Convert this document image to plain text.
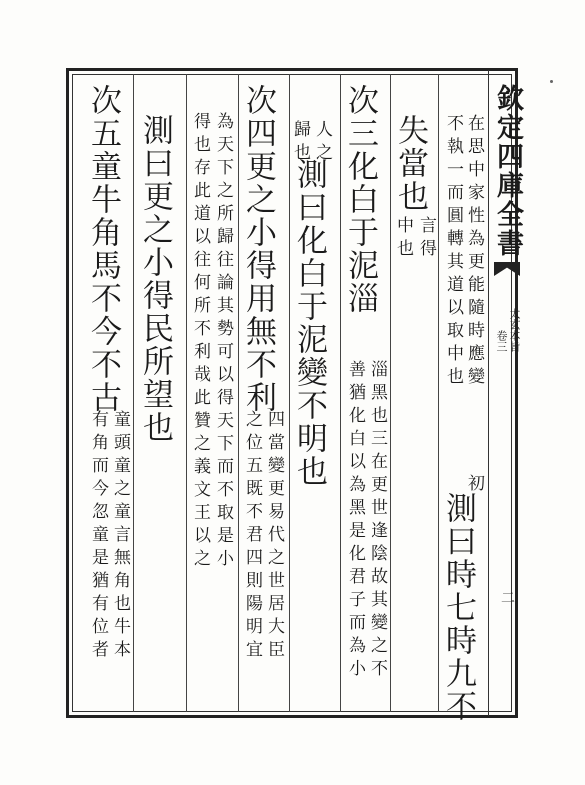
欽定四庫全書
太玄本旨
卷三
二
在思中家性為更能隨時應變
不執一而圓轉其道以取中也
初
測曰時七時九不
失當也
言得
中也
次三化白于泥淄
淄黑也三在更世逢陰故其變之不
善猶化白以為黑是化君子而為小
人之
歸也
測曰化白于泥變不明也
次四更之小得用無不利
四當變更易代之世居大臣
之位五既不君四則陽明宜
為天下之所歸往論其勢可以得天下而不取是小
得也存此道以往何所不利哉此贊之義文王以之
測曰更之小得民所望也
次五童牛角馬不今不古
童頭童之童言無角也牛本
有角而今忽童是猶有位者
